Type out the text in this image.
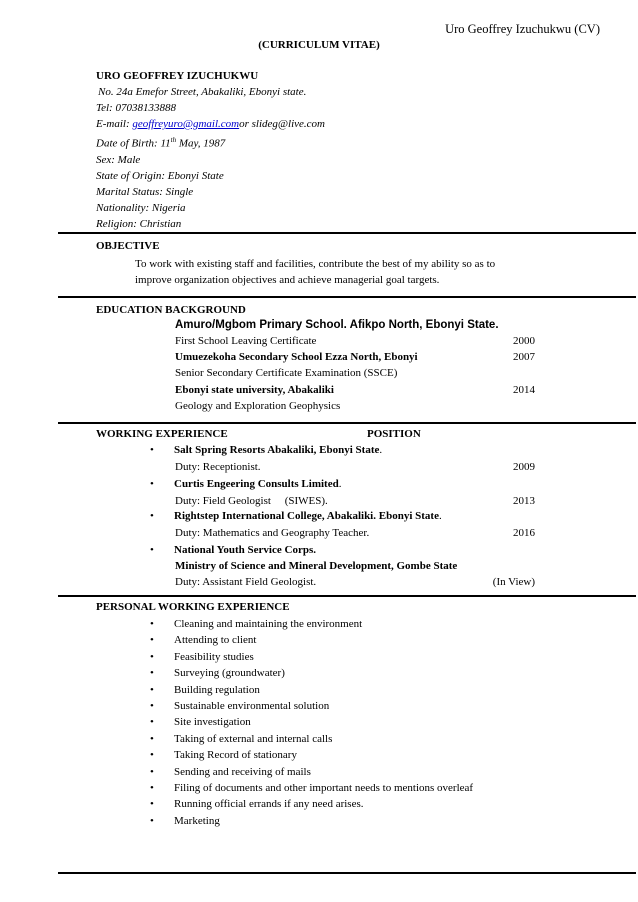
Uro Geoffrey Izuchukwu (CV)
(CURRICULUM VITAE)
URO GEOFFREY IZUCHUKWU
No. 24a Emefor Street, Abakaliki, Ebonyi state.
Tel: 07038133888
E-mail: geoffreyuro@gmail.comor slideg@live.com
Date of Birth: 11th May, 1987
Sex: Male
State of Origin: Ebonyi State
Marital Status: Single
Nationality: Nigeria
Religion: Christian
OBJECTIVE
To work with existing staff and facilities, contribute the best of my ability so as to
improve organization objectives and achieve managerial goal targets.
EDUCATION BACKGROUND
Amuro/Mgbom Primary School. Afikpo North, Ebonyi State.
First School Leaving Certificate	2000
Umuezekoha Secondary School Ezza North, Ebonyi	2007
Senior Secondary Certificate Examination (SSCE)
Ebonyi state university, Abakaliki	2014
Geology and Exploration Geophysics
WORKING EXPERIENCE	POSITION
• Salt Spring Resorts Abakaliki, Ebonyi State.
Duty: Receptionist.	2009
• Curtis Engeering Consults Limited.
Duty: Field Geologist     (SIWES).	2013
• Rightstep International College, Abakaliki. Ebonyi State.
Duty: Mathematics and Geography Teacher.	2016
• National Youth Service Corps.
Ministry of Science and Mineral Development, Gombe State
Duty: Assistant Field Geologist.	(In View)
PERSONAL WORKING EXPERIENCE
• Cleaning and maintaining the environment
• Attending to client
• Feasibility studies
• Surveying (groundwater)
• Building regulation
• Sustainable environmental solution
• Site investigation
• Taking of external and internal calls
• Taking Record of stationary
• Sending and receiving of mails
• Filing of documents and other important needs to mentions overleaf
• Running official errands if any need arises.
• Marketing
